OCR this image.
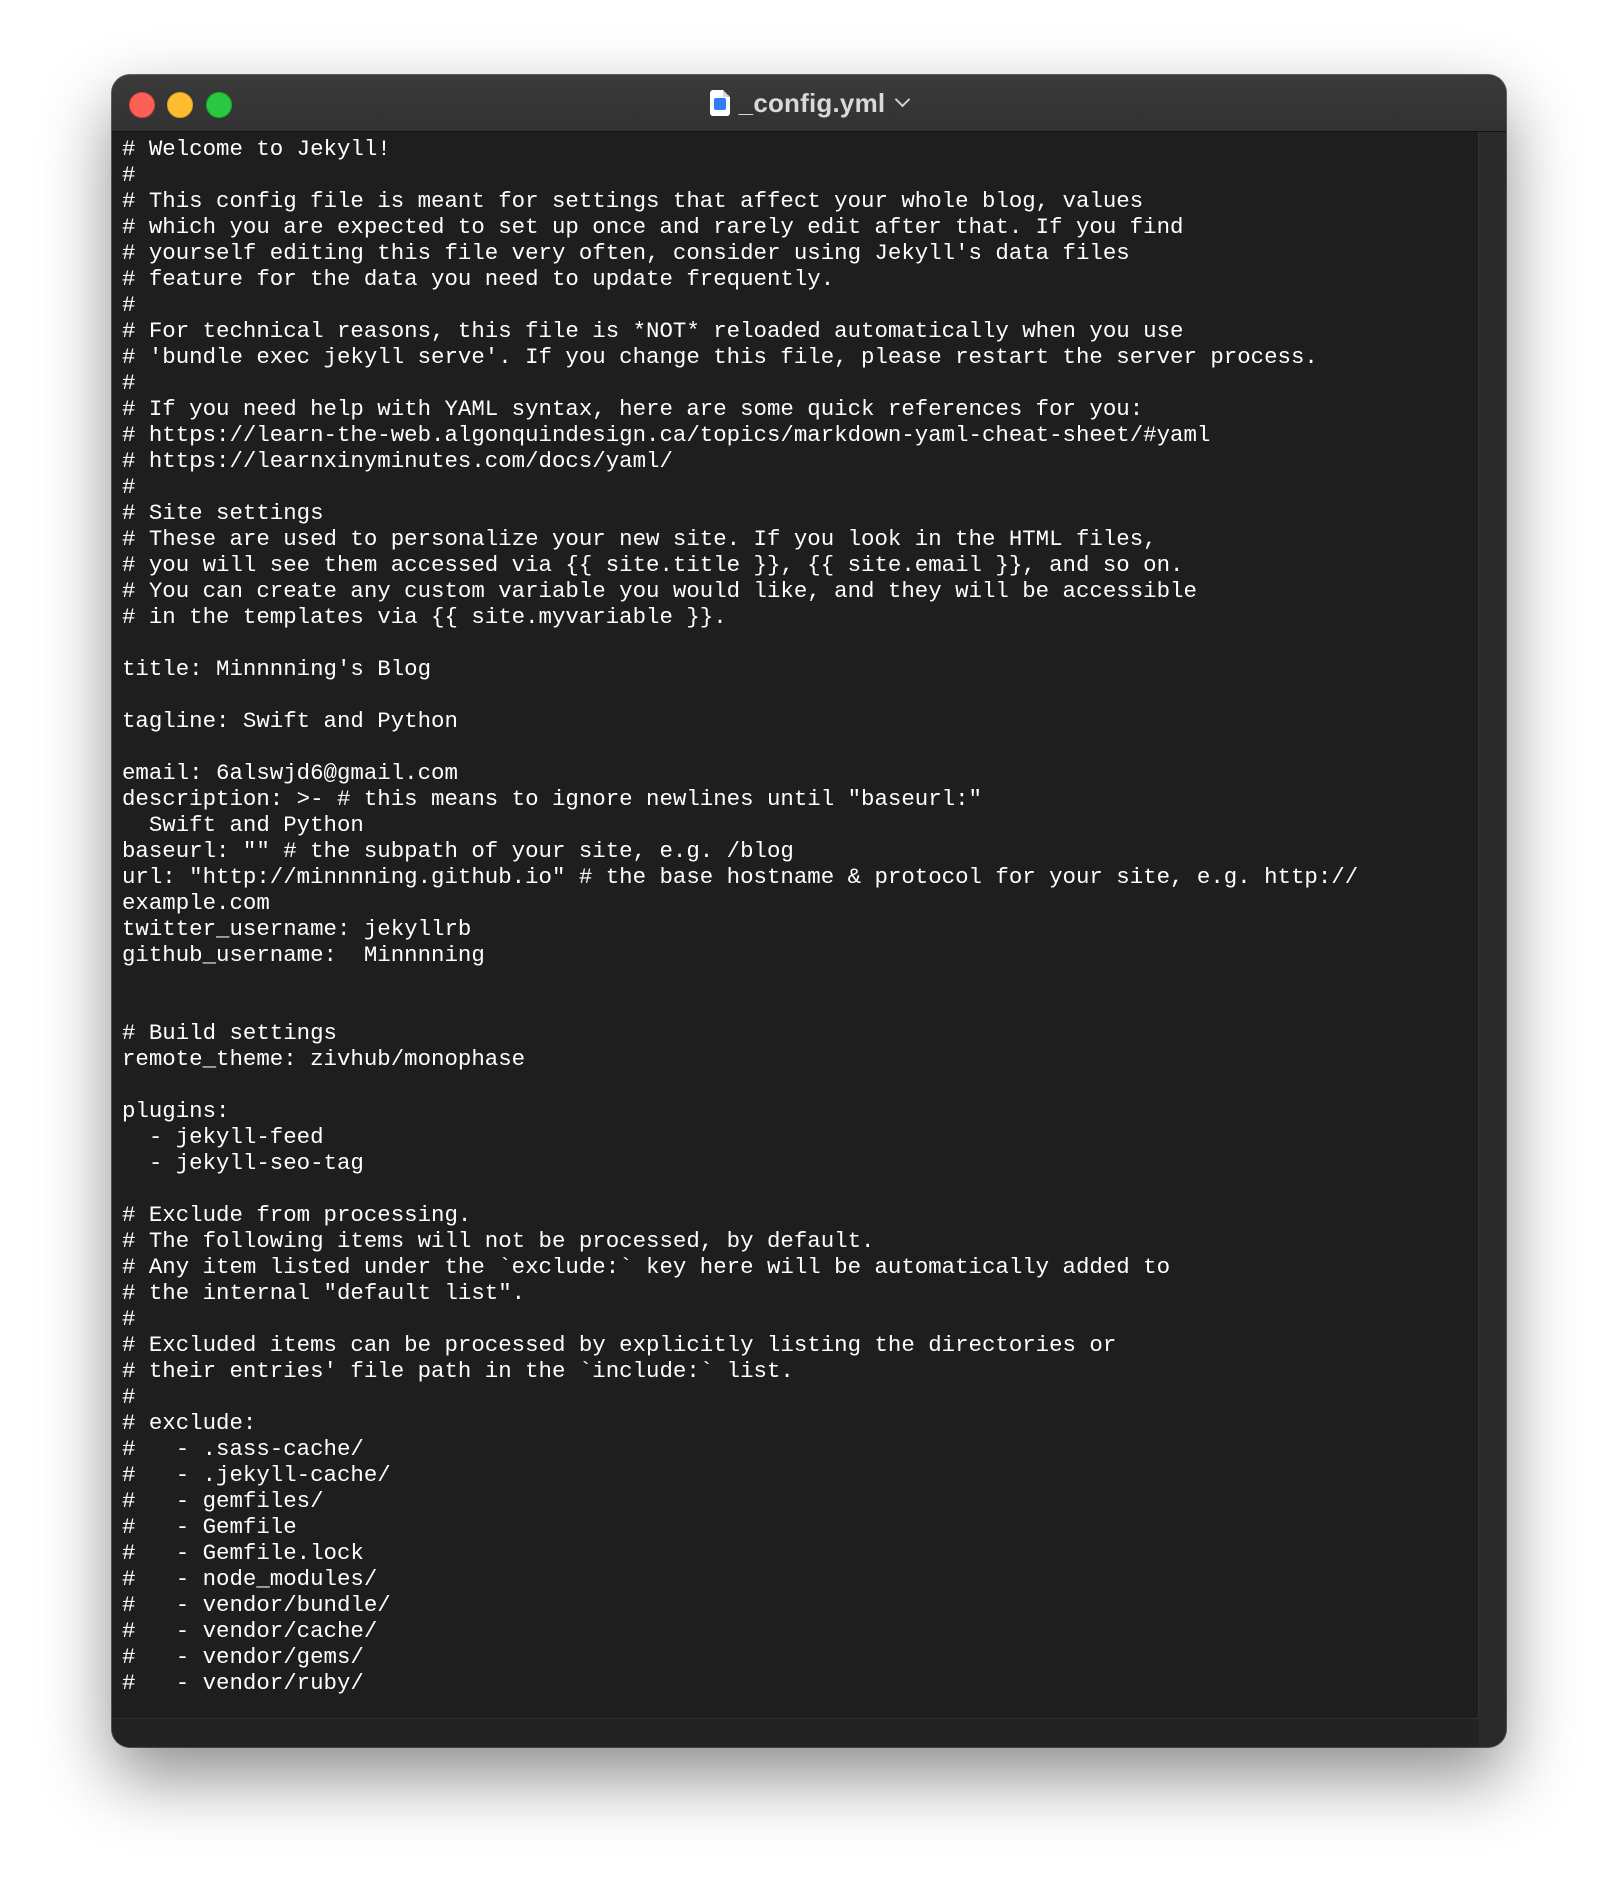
_config.yml
# Welcome to Jekyll!
#
# This config file is meant for settings that affect your whole blog, values
# which you are expected to set up once and rarely edit after that. If you find
# yourself editing this file very often, consider using Jekyll's data files
# feature for the data you need to update frequently.
#
# For technical reasons, this file is *NOT* reloaded automatically when you use
# 'bundle exec jekyll serve'. If you change this file, please restart the server process.
#
# If you need help with YAML syntax, here are some quick references for you:
# https://learn-the-web.algonquindesign.ca/topics/markdown-yaml-cheat-sheet/#yaml
# https://learnxinyminutes.com/docs/yaml/
#
# Site settings
# These are used to personalize your new site. If you look in the HTML files,
# you will see them accessed via {{ site.title }}, {{ site.email }}, and so on.
# You can create any custom variable you would like, and they will be accessible
# in the templates via {{ site.myvariable }}.
title: Minnnning's Blog
tagline: Swift and Python
email: 6alswjd6@gmail.com
description: >- # this means to ignore newlines until "baseurl:"
Swift and Python
baseurl: "" # the subpath of your site, e.g. /blog
url: "http://minnnning.github.io" # the base hostname & protocol for your site, e.g. http://
example.com
twitter_username: jekyllrb
github_username:  Minnnning
# Build settings
remote_theme: zivhub/monophase
plugins:
- jekyll-feed
- jekyll-seo-tag
# Exclude from processing.
# The following items will not be processed, by default.
# Any item listed under the `exclude:` key here will be automatically added to
# the internal "default list".
#
# Excluded items can be processed by explicitly listing the directories or
# their entries' file path in the `include:` list.
#
# exclude:
#   - .sass-cache/
#   - .jekyll-cache/
#   - gemfiles/
#   - Gemfile
#   - Gemfile.lock
#   - node_modules/
#   - vendor/bundle/
#   - vendor/cache/
#   - vendor/gems/
#   - vendor/ruby/
